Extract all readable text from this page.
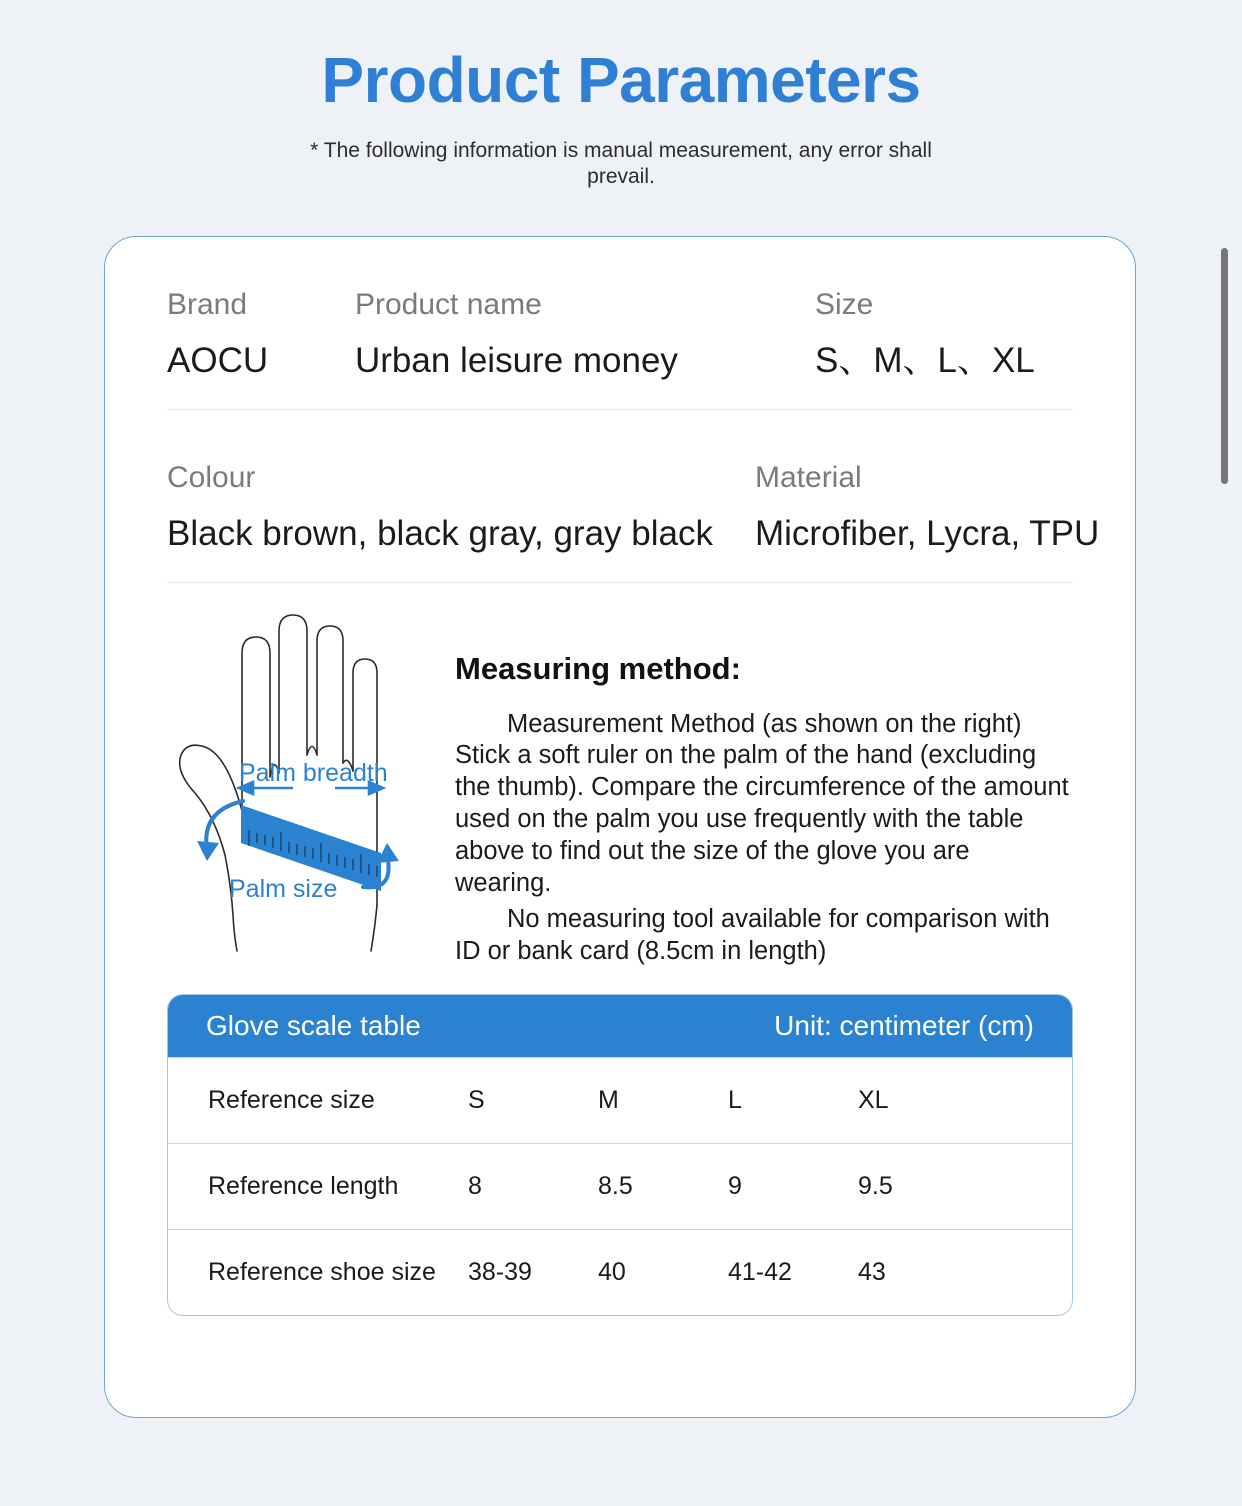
Product Parameters

* The following information is manual measurement, any error shall prevail.

Brand
AOCU
Product name
Urban leisure money
Size
S、M、L、XL
Colour
Black brown, black gray, gray black
Material
Microfiber, Lycra, TPU
Palm breadth
Palm size
Measuring method:

Measurement Method (as shown on the right) Stick a soft ruler on the palm of the hand (excluding the thumb). Compare the circumference of the amount used on the palm you use frequently with the table above to find out the size of the glove you are wearing.

No measuring tool available for comparison with ID or bank card (8.5cm in length)

Glove scale table	Unit: centimeter (cm)
Reference size	S	M	L	XL
Reference length	8	8.5	9	9.5
Reference shoe size	38-39	40	41-42	43
